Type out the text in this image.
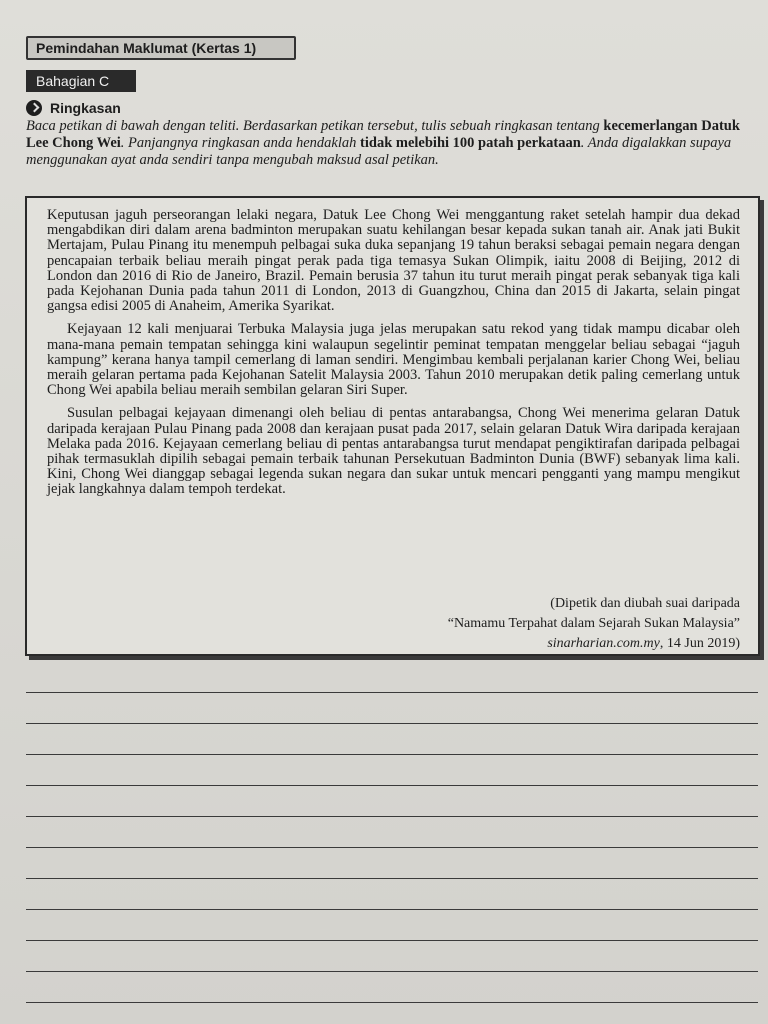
Pemindahan Maklumat (Kertas 1)
Bahagian C
Ringkasan
Baca petikan di bawah dengan teliti. Berdasarkan petikan tersebut, tulis sebuah ringkasan tentang kecemerlangan Datuk Lee Chong Wei. Panjangnya ringkasan anda hendaklah tidak melebihi 100 patah perkataan. Anda digalakkan supaya menggunakan ayat anda sendiri tanpa mengubah maksud asal petikan.

Keputusan jaguh perseorangan lelaki negara, Datuk Lee Chong Wei menggantung raket setelah hampir dua dekad mengabdikan diri dalam arena badminton merupakan suatu kehilangan besar kepada sukan tanah air. Anak jati Bukit Mertajam, Pulau Pinang itu menempuh pelbagai suka duka sepanjang 19 tahun beraksi sebagai pemain negara dengan pencapaian terbaik beliau meraih pingat perak pada tiga temasya Sukan Olimpik, iaitu 2008 di Beijing, 2012 di London dan 2016 di Rio de Janeiro, Brazil. Pemain berusia 37 tahun itu turut meraih pingat perak sebanyak tiga kali pada Kejohanan Dunia pada tahun 2011 di London, 2013 di Guangzhou, China dan 2015 di Jakarta, selain pingat gangsa edisi 2005 di Anaheim, Amerika Syarikat.

Kejayaan 12 kali menjuarai Terbuka Malaysia juga jelas merupakan satu rekod yang tidak mampu dicabar oleh mana-mana pemain tempatan sehingga kini walaupun segelintir peminat tempatan menggelar beliau sebagai “jaguh kampung” kerana hanya tampil cemerlang di laman sendiri. Mengimbau kembali perjalanan karier Chong Wei, beliau meraih gelaran pertama pada Kejohanan Satelit Malaysia 2003. Tahun 2010 merupakan detik paling cemerlang untuk Chong Wei apabila beliau meraih sembilan gelaran Siri Super.

Susulan pelbagai kejayaan dimenangi oleh beliau di pentas antarabangsa, Chong Wei menerima gelaran Datuk daripada kerajaan Pulau Pinang pada 2008 dan kerajaan pusat pada 2017, selain gelaran Datuk Wira daripada kerajaan Melaka pada 2016. Kejayaan cemerlang beliau di pentas antarabangsa turut mendapat pengiktirafan daripada pelbagai pihak termasuklah dipilih sebagai pemain terbaik tahunan Persekutuan Badminton Dunia (BWF) sebanyak lima kali. Kini, Chong Wei dianggap sebagai legenda sukan negara dan sukar untuk mencari pengganti yang mampu mengikut jejak langkahnya dalam tempoh terdekat.

(Dipetik dan diubah suai daripada
“Namamu Terpahat dalam Sejarah Sukan Malaysia”
sinarharian.com.my, 14 Jun 2019)
